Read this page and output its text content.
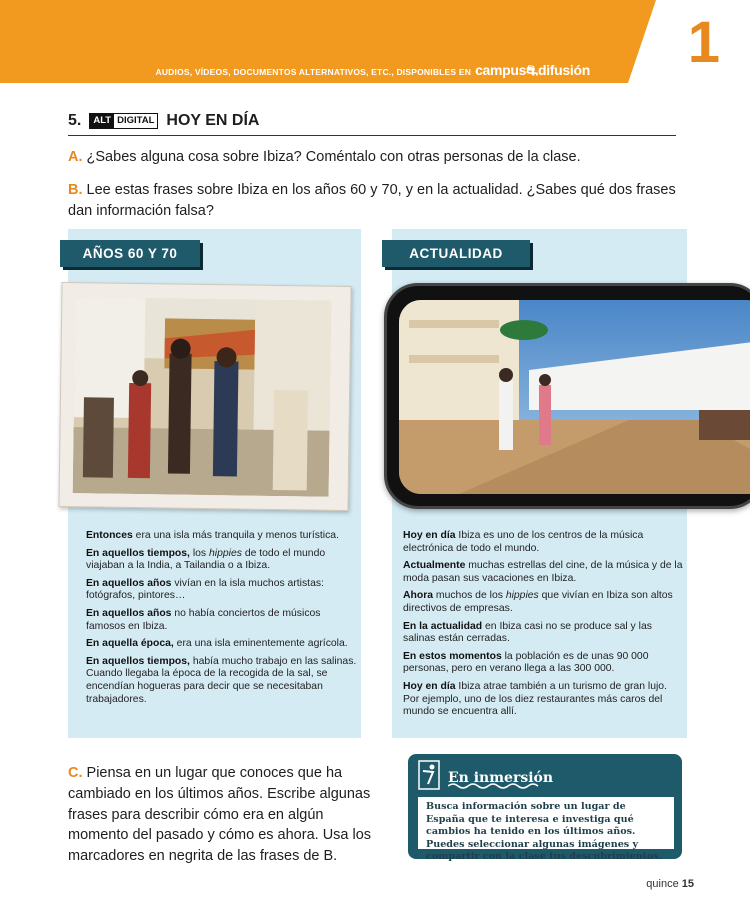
AUDIOS, VÍDEOS, DOCUMENTOS ALTERNATIVOS, ETC., DISPONIBLES EN campus⛐difusión 1
5.	ALT DIGITAL HOY EN DÍA
A. ¿Sabes alguna cosa sobre Ibiza? Coméntalo con otras personas de la clase.
B. Lee estas frases sobre Ibiza en los años 60 y 70, y en la actualidad. ¿Sabes qué dos frases dan información falsa?
AÑOS 60 Y 70	ACTUALIDAD

Entonces era una isla más tranquila y menos turística.

En aquellos tiempos, los hippies de todo el mundo viajaban a la India, a Tailandia o a Ibiza.

En aquellos años vivían en la isla muchos artistas: fotógrafos, pintores…

En aquellos años no había conciertos de músicos famosos en Ibiza.

En aquella época, era una isla eminentemente agrícola.

En aquellos tiempos, había mucho trabajo en las salinas. Cuando llegaba la época de la recogida de la sal, se encendían hogueras para decir que se necesitaban trabajadores.

Hoy en día Ibiza es uno de los centros de la música electrónica de todo el mundo.

Actualmente muchas estrellas del cine, de la música y de la moda pasan sus vacaciones en Ibiza.

Ahora muchos de los hippies que vivían en Ibiza son altos directivos de empresas.

En la actualidad en Ibiza casi no se produce sal y las salinas están cerradas.

En estos momentos la población es de unas 90 000 personas, pero en verano llega a las 300 000.

Hoy en día Ibiza atrae también a un turismo de gran lujo. Por ejemplo, uno de los diez restaurantes más caros del mundo se encuentra allí.

C. Piensa en un lugar que conoces que ha cambiado en los últimos años. Escribe algunas frases para describir cómo era en algún momento del pasado y cómo es ahora. Usa los marcadores en negrita de las frases de B.
En inmersión
Busca información sobre un lugar de España que te interesa e investiga qué cambios ha tenido en los últimos años. Puedes seleccionar algunas imágenes y compartir con la clase tus descubrimientos.
quince 15
